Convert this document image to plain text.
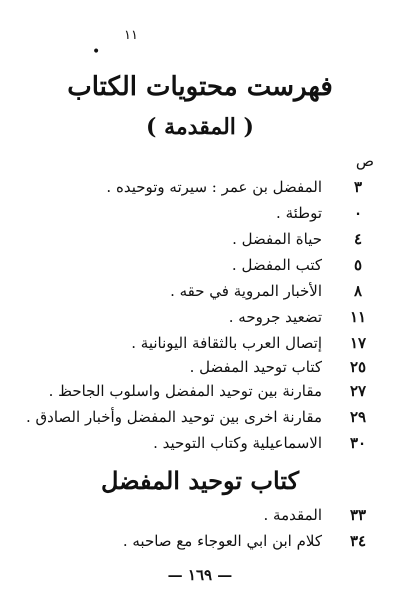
١١
•
فهرست محتويات الكتاب
( المقدمة )
ص
٣
المفضل بن عمر : سيرته وتوحيده .
٠
توطئة .
٤
حياة المفضل .
٥
كتب المفضل .
٨
الأخبار المروية في حقه .
١١
تضعيد جروحه .
١٧
إتصال العرب بالثقافة اليونانية .
٢٥
كتاب توحيد المفضل .
٢٧
مقارنة بين توحيد المفضل واسلوب الجاحظ .
٢٩
مقارنة اخرى بين توحيد المفضل وأخبار الصادق .
٣٠
الاسماعيلية وكتاب التوحيد .
كتاب توحيد المفضل
٣٣
المقدمة .
٣٤
كلام ابن ابي العوجاء مع صاحبه .
— ١٦٩ —
